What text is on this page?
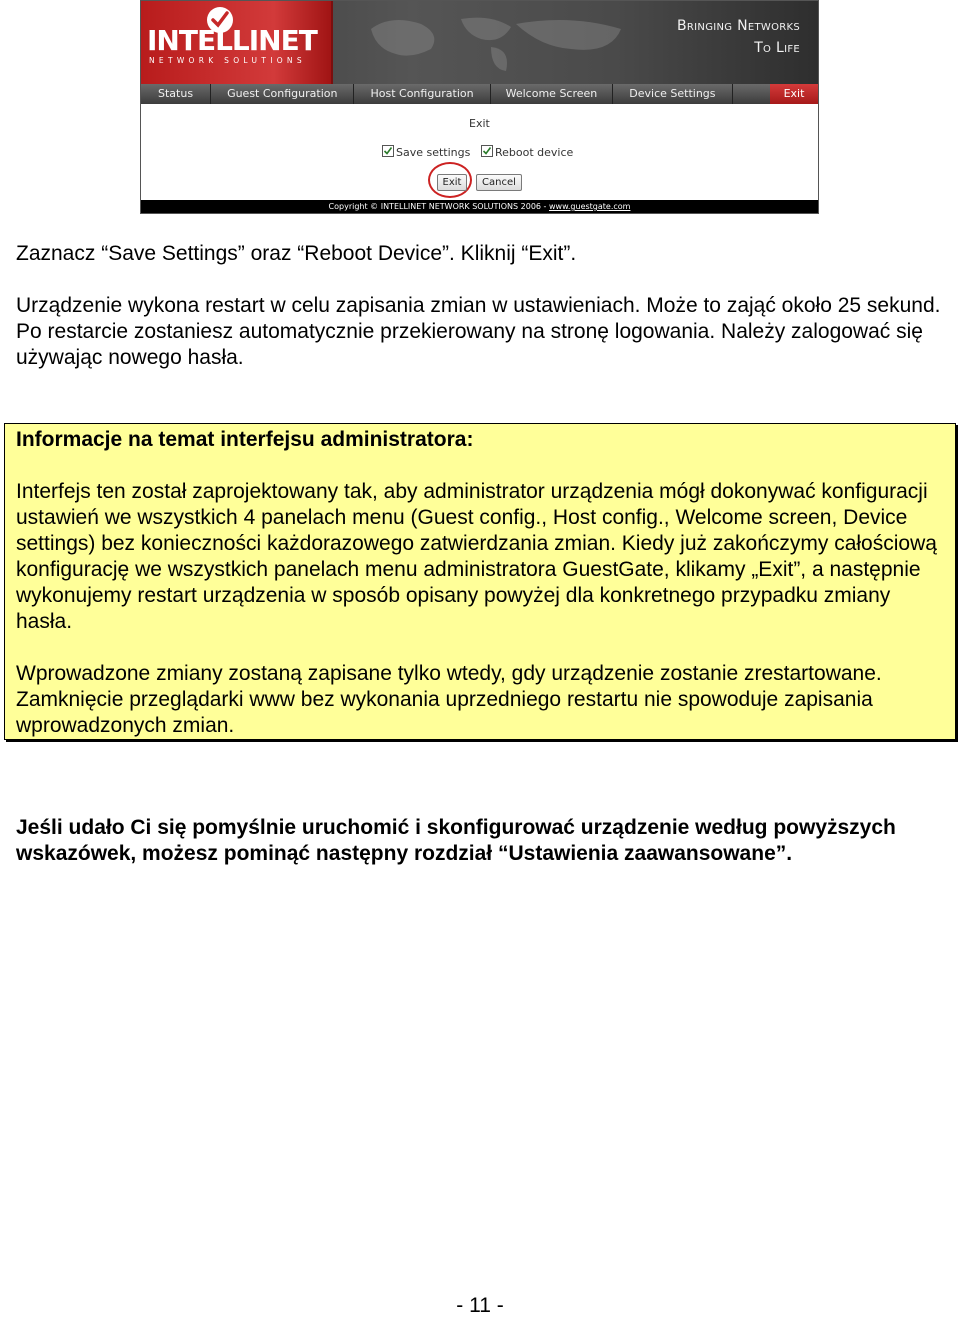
INTELLINET
NETWORK SOLUTIONS
Bringing Networks
To Life
Status	Guest Configuration	Host Configuration	Welcome Screen	Device Settings	Exit
Exit
Save settings	Reboot device
Exit	Cancel
Copyright © INTELLINET NETWORK SOLUTIONS 2006 - www.guestgate.com

Zaznacz “Save Settings” oraz “Reboot Device”. Kliknij “Exit”.

Urządzenie wykona restart w celu zapisania zmian w ustawieniach. Może to zająć około 25 sekund. Po restarcie zostaniesz automatycznie przekierowany na stronę logowania. Należy zalogować się używając nowego hasła.

Informacje na temat interfejsu administratora:

Interfejs ten został zaprojektowany tak, aby administrator urządzenia mógł dokonywać konfiguracji ustawień we wszystkich 4 panelach menu (Guest config., Host config., Welcome screen, Device settings) bez konieczności każdorazowego zatwierdzania zmian. Kiedy już zakończymy całościową konfigurację we wszystkich panelach menu administratora GuestGate, klikamy „Exit”, a następnie wykonujemy restart urządzenia w sposób opisany powyżej dla konkretnego przypadku zmiany hasła.

Wprowadzone zmiany zostaną zapisane tylko wtedy, gdy urządzenie zostanie zrestartowane. Zamknięcie przeglądarki www bez wykonania uprzedniego restartu nie spowoduje zapisania wprowadzonych zmian.

Jeśli udało Ci się pomyślnie uruchomić i skonfigurować urządzenie według powyższych wskazówek, możesz pominąć następny rozdział “Ustawienia zaawansowane”.

- 11 -
